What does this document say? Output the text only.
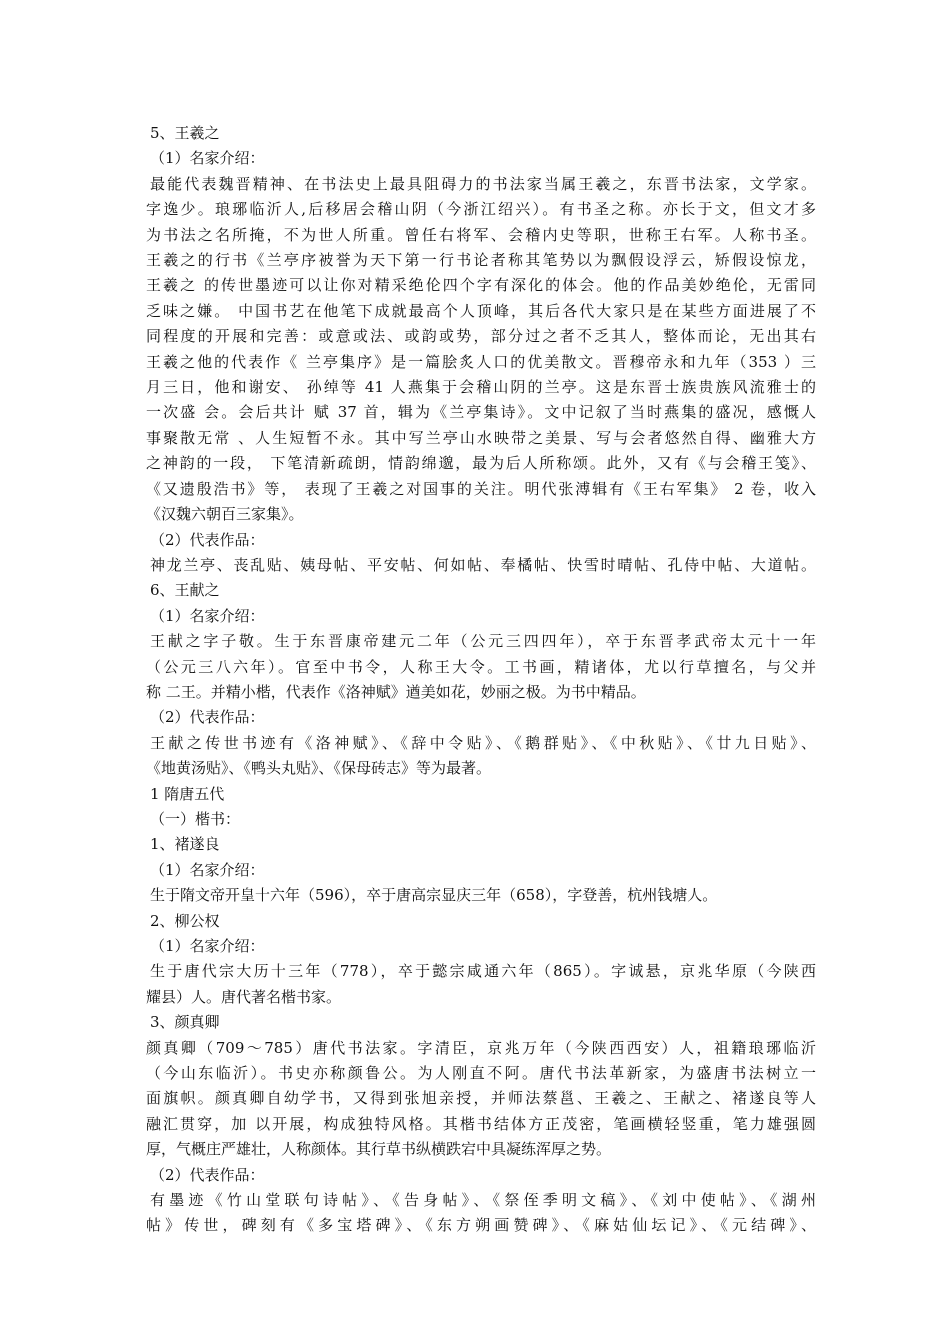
5、王羲之
（1）名家介绍：
最能代表魏晋精神、在书法史上最具阻碍力的书法家当属王羲之，东晋书法家，文学家。
字逸少。琅琊临沂人,后移居会稽山阴（今浙江绍兴）。有书圣之称。亦长于文，但文才多
为书法之名所掩，不为世人所重。曾任右将军、会稽内史等职，世称王右军。人称书圣。
王羲之的行书《兰亭序被誉为天下第一行书论者称其笔势以为飘假设浮云，矫假设惊龙，
王羲之 的传世墨迹可以让你对精采绝伦四个字有深化的体会。他的作品美妙绝伦，无雷同
乏味之嫌。 中国书艺在他笔下成就最高个人顶峰，其后各代大家只是在某些方面进展了不
同程度的开展和完善：或意或法、或韵或势，部分过之者不乏其人，整体而论，无出其右
王羲之他的代表作《 兰亭集序》是一篇脍炙人口的优美散文。晋穆帝永和九年（353 ）三
月三日，他和谢安、 孙绰等 41 人燕集于会稽山阴的兰亭。这是东晋士族贵族风流雅士的
一次盛 会。会后共计 赋 37 首，辑为《兰亭集诗》。文中记叙了当时燕集的盛况，感慨人
事聚散无常 、人生短暂不永。其中写兰亭山水映带之美景、写与会者悠然自得、幽雅大方
之神韵的一段， 下笔清新疏朗，情韵绵邈，最为后人所称颂。此外，又有《与会稽王笺》、
《又遗殷浩书》等， 表现了王羲之对国事的关注。明代张溥辑有《王右军集》 2 卷，收入
《汉魏六朝百三家集》。
（2）代表作品：
神龙兰亭、丧乱贴、姨母帖、平安帖、何如帖、奉橘帖、快雪时晴帖、孔侍中帖、大道帖。
6、王献之
（1）名家介绍：
王献之字子敬。生于东晋康帝建元二年（公元三四四年），卒于东晋孝武帝太元十一年
（公元三八六年）。官至中书令，人称王大令。工书画，精诸体，尤以行草擅名，与父并
称 二王。并精小楷，代表作《洛神赋》遒美如花，妙丽之极。为书中精品。
（2）代表作品：
王献之传世书迹有《洛神赋》、《辞中令贴》、《鹅群贴》、《中秋贴》、《廿九日贴》、
《地黄汤贴》、《鸭头丸贴》、《保母砖志》等为最著。
1 隋唐五代
（一）楷书：
1、褚遂良
（1）名家介绍：
生于隋文帝开皇十六年（596），卒于唐高宗显庆三年（658），字登善，杭州钱塘人。
2、柳公权
（1）名家介绍：
生于唐代宗大历十三年（778），卒于懿宗咸通六年（865）。字诚悬，京兆华原（今陕西
耀县）人。唐代著名楷书家。
3、颜真卿
颜真卿（709～785）唐代书法家。字清臣，京兆万年（今陕西西安）人，祖籍琅琊临沂
（今山东临沂）。书史亦称颜鲁公。为人刚直不阿。唐代书法革新家，为盛唐书法树立一
面旗帜。颜真卿自幼学书，又得到张旭亲授，并师法蔡邕、王羲之、王献之、褚遂良等人
融汇贯穿，加 以开展，构成独特风格。其楷书结体方正茂密，笔画横轻竖重，笔力雄强圆
厚，气概庄严雄壮，人称颜体。其行草书纵横跌宕中具凝练浑厚之势。
（2）代表作品：
有墨迹《竹山堂联句诗帖》、《告身帖》、《祭侄季明文稿》、《刘中使帖》、《湖州
帖》传世，碑刻有《多宝塔碑》、《东方朔画赞碑》、《麻姑仙坛记》、《元结碑》、
